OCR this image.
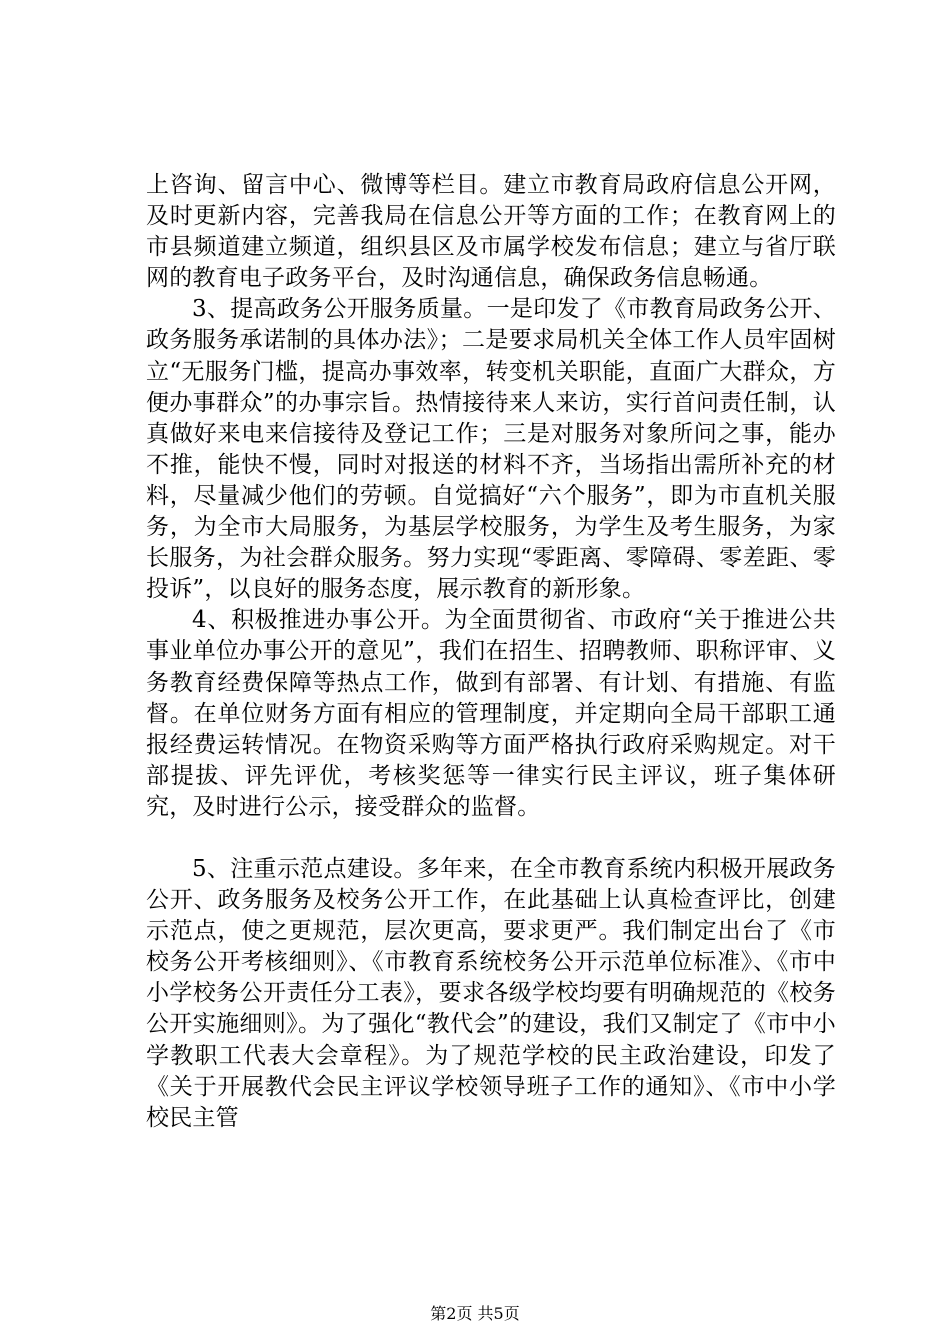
上咨询、留言中心、微博等栏目。建立市教育局政府信息公开网，及时更新内容，完善我局在信息公开等方面的工作；在教育网上的市县频道建立频道，组织县区及市属学校发布信息；建立与省厅联网的教育电子政务平台，及时沟通信息，确保政务信息畅通。

3、提高政务公开服务质量。一是印发了《市教育局政务公开、政务服务承诺制的具体办法》；二是要求局机关全体工作人员牢固树立“无服务门槛，提高办事效率，转变机关职能，直面广大群众，方便办事群众”的办事宗旨。热情接待来人来访，实行首问责任制，认真做好来电来信接待及登记工作；三是对服务对象所问之事，能办不推，能快不慢，同时对报送的材料不齐，当场指出需所补充的材料，尽量减少他们的劳顿。自觉搞好“六个服务”，即为市直机关服务，为全市大局服务，为基层学校服务，为学生及考生服务，为家长服务，为社会群众服务。努力实现“零距离、零障碍、零差距、零投诉”，以良好的服务态度，展示教育的新形象。

4、积极推进办事公开。为全面贯彻省、市政府“关于推进公共事业单位办事公开的意见”，我们在招生、招聘教师、职称评审、义务教育经费保障等热点工作，做到有部署、有计划、有措施、有监督。在单位财务方面有相应的管理制度，并定期向全局干部职工通报经费运转情况。在物资采购等方面严格执行政府采购规定。对干部提拔、评先评优，考核奖惩等一律实行民主评议，班子集体研究，及时进行公示，接受群众的监督。

5、注重示范点建设。多年来，在全市教育系统内积极开展政务公开、政务服务及校务公开工作，在此基础上认真检查评比，创建示范点，使之更规范，层次更高，要求更严。我们制定出台了《市校务公开考核细则》、《市教育系统校务公开示范单位标准》、《市中小学校务公开责任分工表》，要求各级学校均要有明确规范的《校务公开实施细则》。为了强化“教代会”的建设，我们又制定了《市中小学教职工代表大会章程》。为了规范学校的民主政治建设，印发了《关于开展教代会民主评议学校领导班子工作的通知》、《市中小学校民主管

第2页 共5页
